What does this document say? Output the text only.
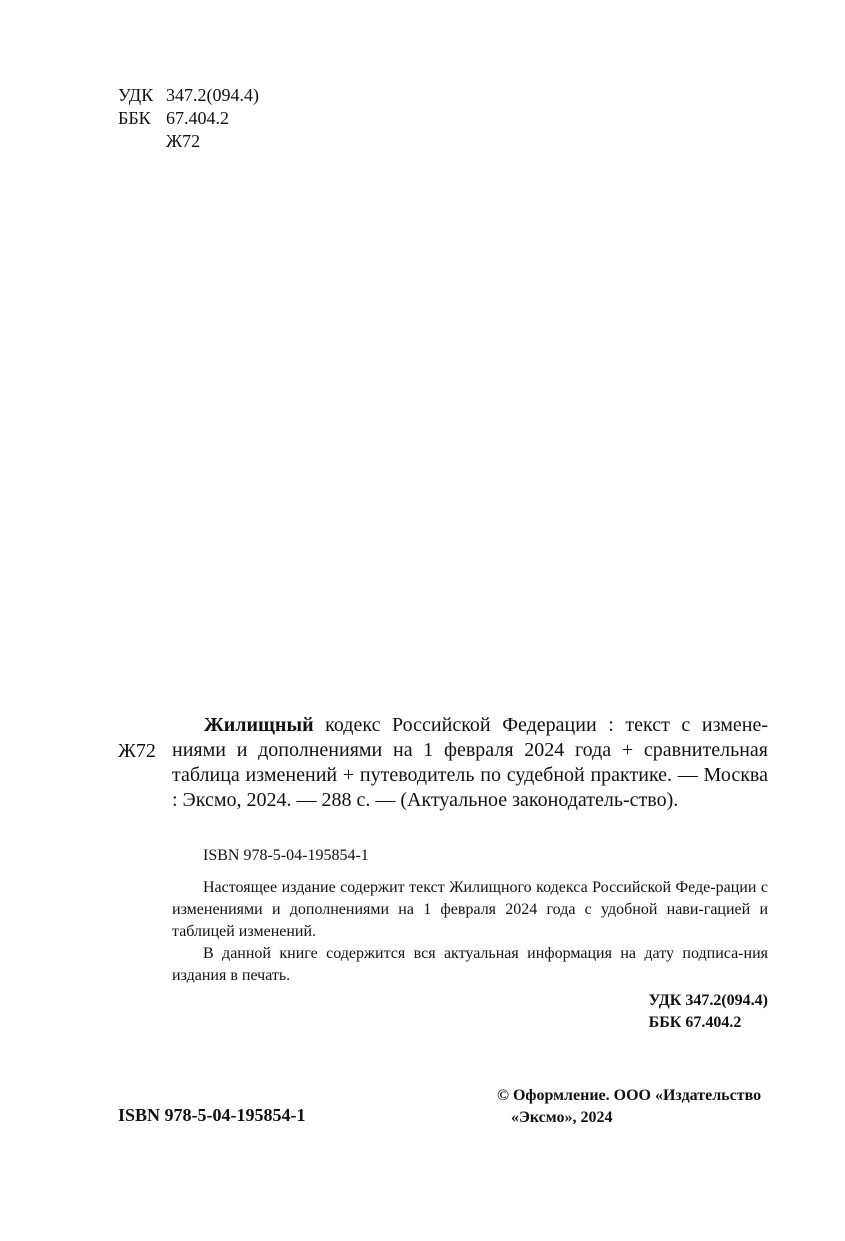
УДК 347.2(094.4)
ББК 67.404.2
Ж72
Ж72
Жилищный кодекс Российской Федерации : текст с измене-ниями и дополнениями на 1 февраля 2024 года + сравнительная таблица изменений + путеводитель по судебной практике. — Москва : Эксмо, 2024. — 288 с. — (Актуальное законодатель-ство).
ISBN 978-5-04-195854-1

Настоящее издание содержит текст Жилищного кодекса Российской Феде-рации с изменениями и дополнениями на 1 февраля 2024 года с удобной нави-гацией и таблицей изменений.

В данной книге содержится вся актуальная информация на дату подписа-ния издания в печать.

УДК 347.2(094.4)
ББК 67.404.2
ISBN 978-5-04-195854-1
© Оформление. ООО «Издательство
«Эксмо», 2024
